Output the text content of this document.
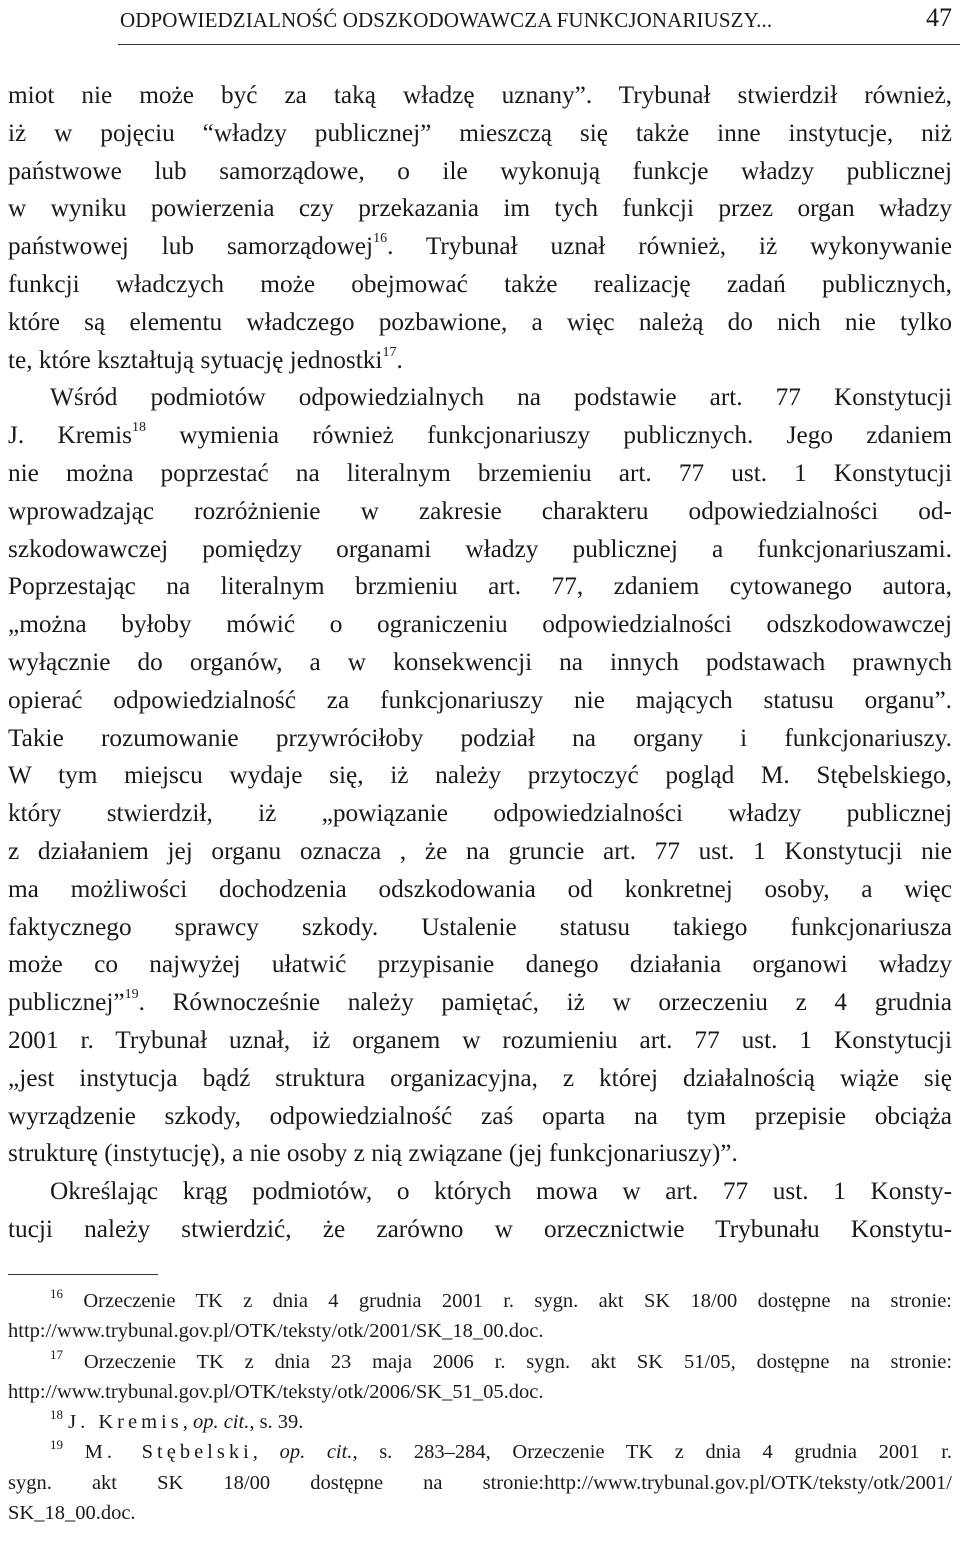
ODPOWIEDZIALNOŚĆ ODSZKODOWAWCZA FUNKCJONARIUSZY...	47

miot nie może być za taką władzę uznany”. Trybunał stwierdził również,
iż w pojęciu “władzy publicznej” mieszczą się także inne instytucje, niż
państwowe lub samorządowe, o ile wykonują funkcje władzy publicznej
w wyniku powierzenia czy przekazania im tych funkcji przez organ władzy
państwowej lub samorządowej$^{16}$. Trybunał uznał również, iż wykonywanie
funkcji władczych może obejmować także realizację zadań publicznych,
które są elementu władczego pozbawione, a więc należą do nich nie tylko
te, które kształtują sytuację jednostki$^{17}$.

Wśród podmiotów odpowiedzialnych na podstawie art. 77 Konstytucji
J. Kremis$^{18}$ wymienia również funkcjonariuszy publicznych. Jego zdaniem
nie można poprzestać na literalnym brzemieniu art. 77 ust. 1 Konstytucji
wprowadzając rozróżnienie w zakresie charakteru odpowiedzialności od-
szkodowawczej pomiędzy organami władzy publicznej a funkcjonariuszami.
Poprzestając na literalnym brzmieniu art. 77, zdaniem cytowanego autora,
„można byłoby mówić o ograniczeniu odpowiedzialności odszkodowawczej
wyłącznie do organów, a w konsekwencji na innych podstawach prawnych
opierać odpowiedzialność za funkcjonariuszy nie mających statusu organu”.
Takie rozumowanie przywróciłoby podział na organy i funkcjonariuszy.
W tym miejscu wydaje się, iż należy przytoczyć pogląd M. Stębelskiego,
który stwierdził, iż „powiązanie odpowiedzialności władzy publicznej
z działaniem jej organu oznacza , że na gruncie art. 77 ust. 1 Konstytucji nie
ma możliwości dochodzenia odszkodowania od konkretnej osoby, a więc
faktycznego sprawcy szkody. Ustalenie statusu takiego funkcjonariusza
może co najwyżej ułatwić przypisanie danego działania organowi władzy
publicznej”$^{19}$. Równocześnie należy pamiętać, iż w orzeczeniu z 4 grudnia
2001 r. Trybunał uznał, iż organem w rozumieniu art. 77 ust. 1 Konstytucji
„jest instytucja bądź struktura organizacyjna, z której działalnością wiąże się
wyrządzenie szkody, odpowiedzialność zaś oparta na tym przepisie obciąża
strukturę (instytucję), a nie osoby z nią związane (jej funkcjonariuszy)”.

Określając krąg podmiotów, o których mowa w art. 77 ust. 1 Konsty-
tucji należy stwierdzić, że zarówno w orzecznictwie Trybunału Konstytu-

$^{16}$ Orzeczenie TK z dnia 4 grudnia 2001 r. sygn. akt SK 18/00 dostępne na stronie:
http://www.trybunal.gov.pl/OTK/teksty/otk/2001/SK_18_00.doc.
$^{17}$ Orzeczenie TK z dnia 23 maja 2006 r. sygn. akt SK 51/05, dostępne na stronie:
http://www.trybunal.gov.pl/OTK/teksty/otk/2006/SK_51_05.doc.
$^{18}$ J. Kremis, op. cit., s. 39.
$^{19}$ M. Stębelski, op. cit., s. 283–284, Orzeczenie TK z dnia 4 grudnia 2001 r.
sygn. akt SK 18/00 dostępne na stronie:http://www.trybunal.gov.pl/OTK/teksty/otk/2001/
SK_18_00.doc.
